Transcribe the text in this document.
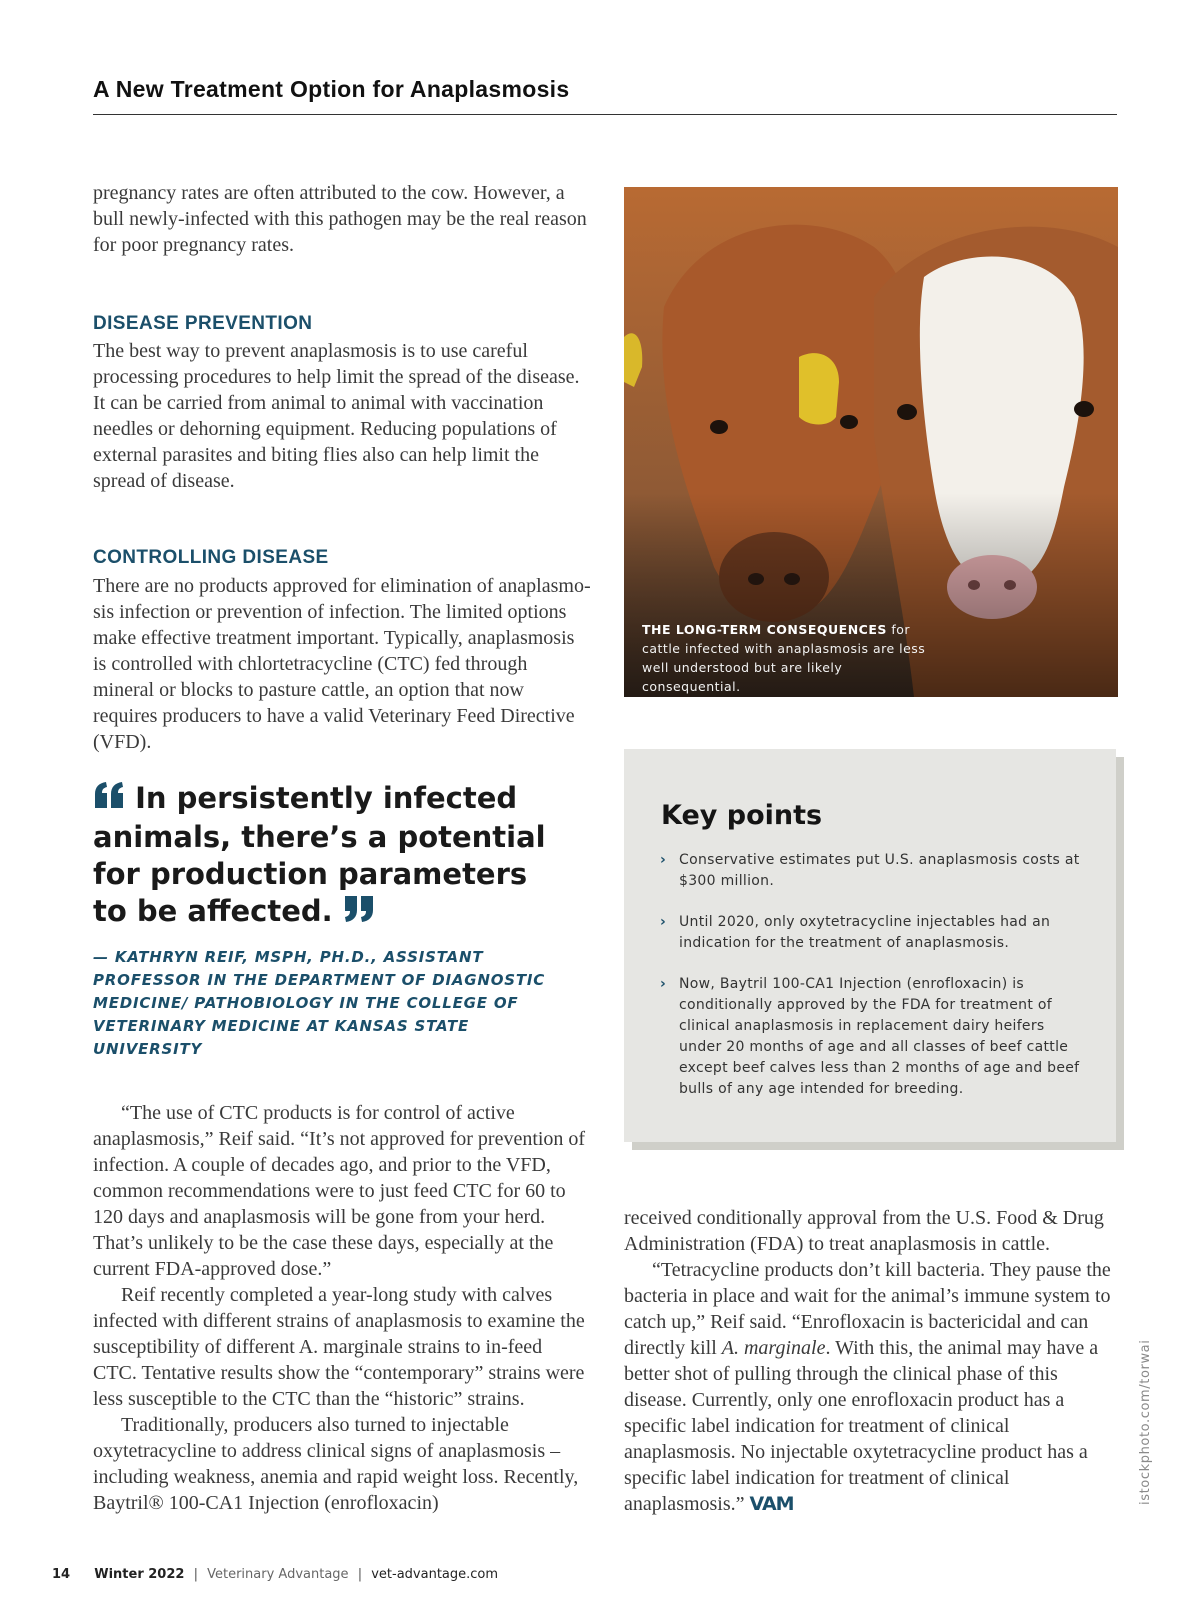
A New Treatment Option for Anaplasmosis

pregnancy rates are often attributed to the cow. However, a bull newly-infected with this pathogen may be the real reason for poor pregnancy rates.

DISEASE PREVENTION

The best way to prevent anaplasmosis is to use careful processing procedures to help limit the spread of the disease. It can be carried from animal to animal with vaccination needles or dehorning equipment. Reducing populations of external parasites and biting flies also can help limit the spread of disease.

CONTROLLING DISEASE

There are no products approved for elimination of anaplasmo-sis infection or prevention of infection. The limited options make effective treatment important. Typically, anaplasmosis is controlled with chlortetracycline (CTC) fed through mineral or blocks to pasture cattle, an option that now requires producers to have a valid Veterinary Feed Directive (VFD).

In persistently infected animals, there’s a potential for production parameters to be affected.
— KATHRYN REIF, MSPH, PH.D., ASSISTANT PROFESSOR IN THE DEPARTMENT OF DIAGNOSTIC MEDICINE/ PATHOBIOLOGY IN THE COLLEGE OF VETERINARY MEDICINE AT KANSAS STATE UNIVERSITY

“The use of CTC products is for control of active anaplasmosis,” Reif said. “It’s not approved for prevention of infection. A couple of decades ago, and prior to the VFD, common recommendations were to just feed CTC for 60 to 120 days and anaplasmosis will be gone from your herd. That’s unlikely to be the case these days, especially at the current FDA-approved dose.”

Reif recently completed a year-long study with calves infected with different strains of anaplasmosis to examine the susceptibility of different A. marginale strains to in-feed CTC. Tentative results show the “contemporary” strains were less susceptible to the CTC than the “historic” strains.

Traditionally, producers also turned to injectable oxytetracycline to address clinical signs of anaplasmosis – including weakness, anemia and rapid weight loss. Recently, Baytril® 100-CA1 Injection (enrofloxacin)

THE LONG-TERM CONSEQUENCES for cattle infected with anaplasmosis are less well understood but are likely consequential.
Key points
› Conservative estimates put U.S. anaplasmosis costs at $300 million.
› Until 2020, only oxytetracycline injectables had an indication for the treatment of anaplasmosis.
› Now, Baytril 100-CA1 Injection (enrofloxacin) is conditionally approved by the FDA for treatment of clinical anaplasmosis in replacement dairy heifers under 20 months of age and all classes of beef cattle except beef calves less than 2 months of age and beef bulls of any age intended for breeding.

received conditionally approval from the U.S. Food & Drug Administration (FDA) to treat anaplasmosis in cattle.

“Tetracycline products don’t kill bacteria. They pause the bacteria in place and wait for the animal’s immune system to catch up,” Reif said. “Enrofloxacin is bactericidal and can directly kill A. marginale. With this, the animal may have a better shot of pulling through the clinical phase of this disease. Currently, only one enrofloxacin product has a specific label indication for treatment of clinical anaplasmosis. No injectable oxytetracycline product has a specific label indication for treatment of clinical anaplasmosis.” VAM	istockphoto.com/torwai
14 Winter 2022 | Veterinary Advantage | vet-advantage.com
